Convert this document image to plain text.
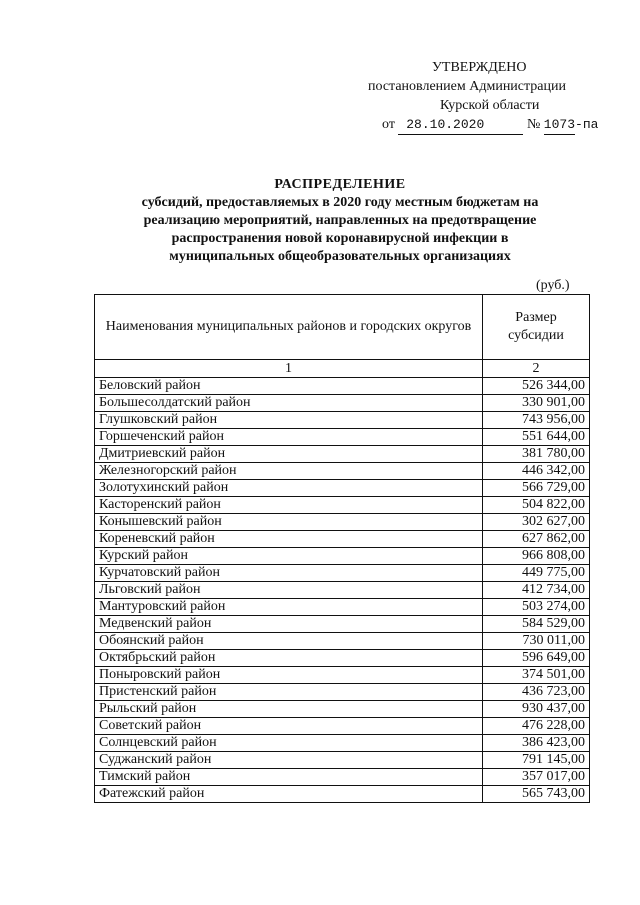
УТВЕРЖДЕНО
постановлением Администрации
Курской области
от 28.10.2020	№ 1073-па
РАСПРЕДЕЛЕНИЕ
субсидий, предоставляемых в 2020 году местным бюджетам на
реализацию мероприятий, направленных на предотвращение
распространения новой коронавирусной инфекции в
муниципальных общеобразовательных организациях
(руб.)
Наименования муниципальных районов и городских округов	Размер субсидии
1	2
Беловский район	526 344,00
Большесолдатский район	330 901,00
Глушковский район	743 956,00
Горшеченский район	551 644,00
Дмитриевский район	381 780,00
Железногорский район	446 342,00
Золотухинский район	566 729,00
Касторенский район	504 822,00
Конышевский район	302 627,00
Кореневский район	627 862,00
Курский район	966 808,00
Курчатовский район	449 775,00
Льговский район	412 734,00
Мантуровский район	503 274,00
Медвенский район	584 529,00
Обоянский район	730 011,00
Октябрьский район	596 649,00
Поныровский район	374 501,00
Пристенский район	436 723,00
Рыльский район	930 437,00
Советский район	476 228,00
Солнцевский район	386 423,00
Суджанский район	791 145,00
Тимский район	357 017,00
Фатежский район	565 743,00
